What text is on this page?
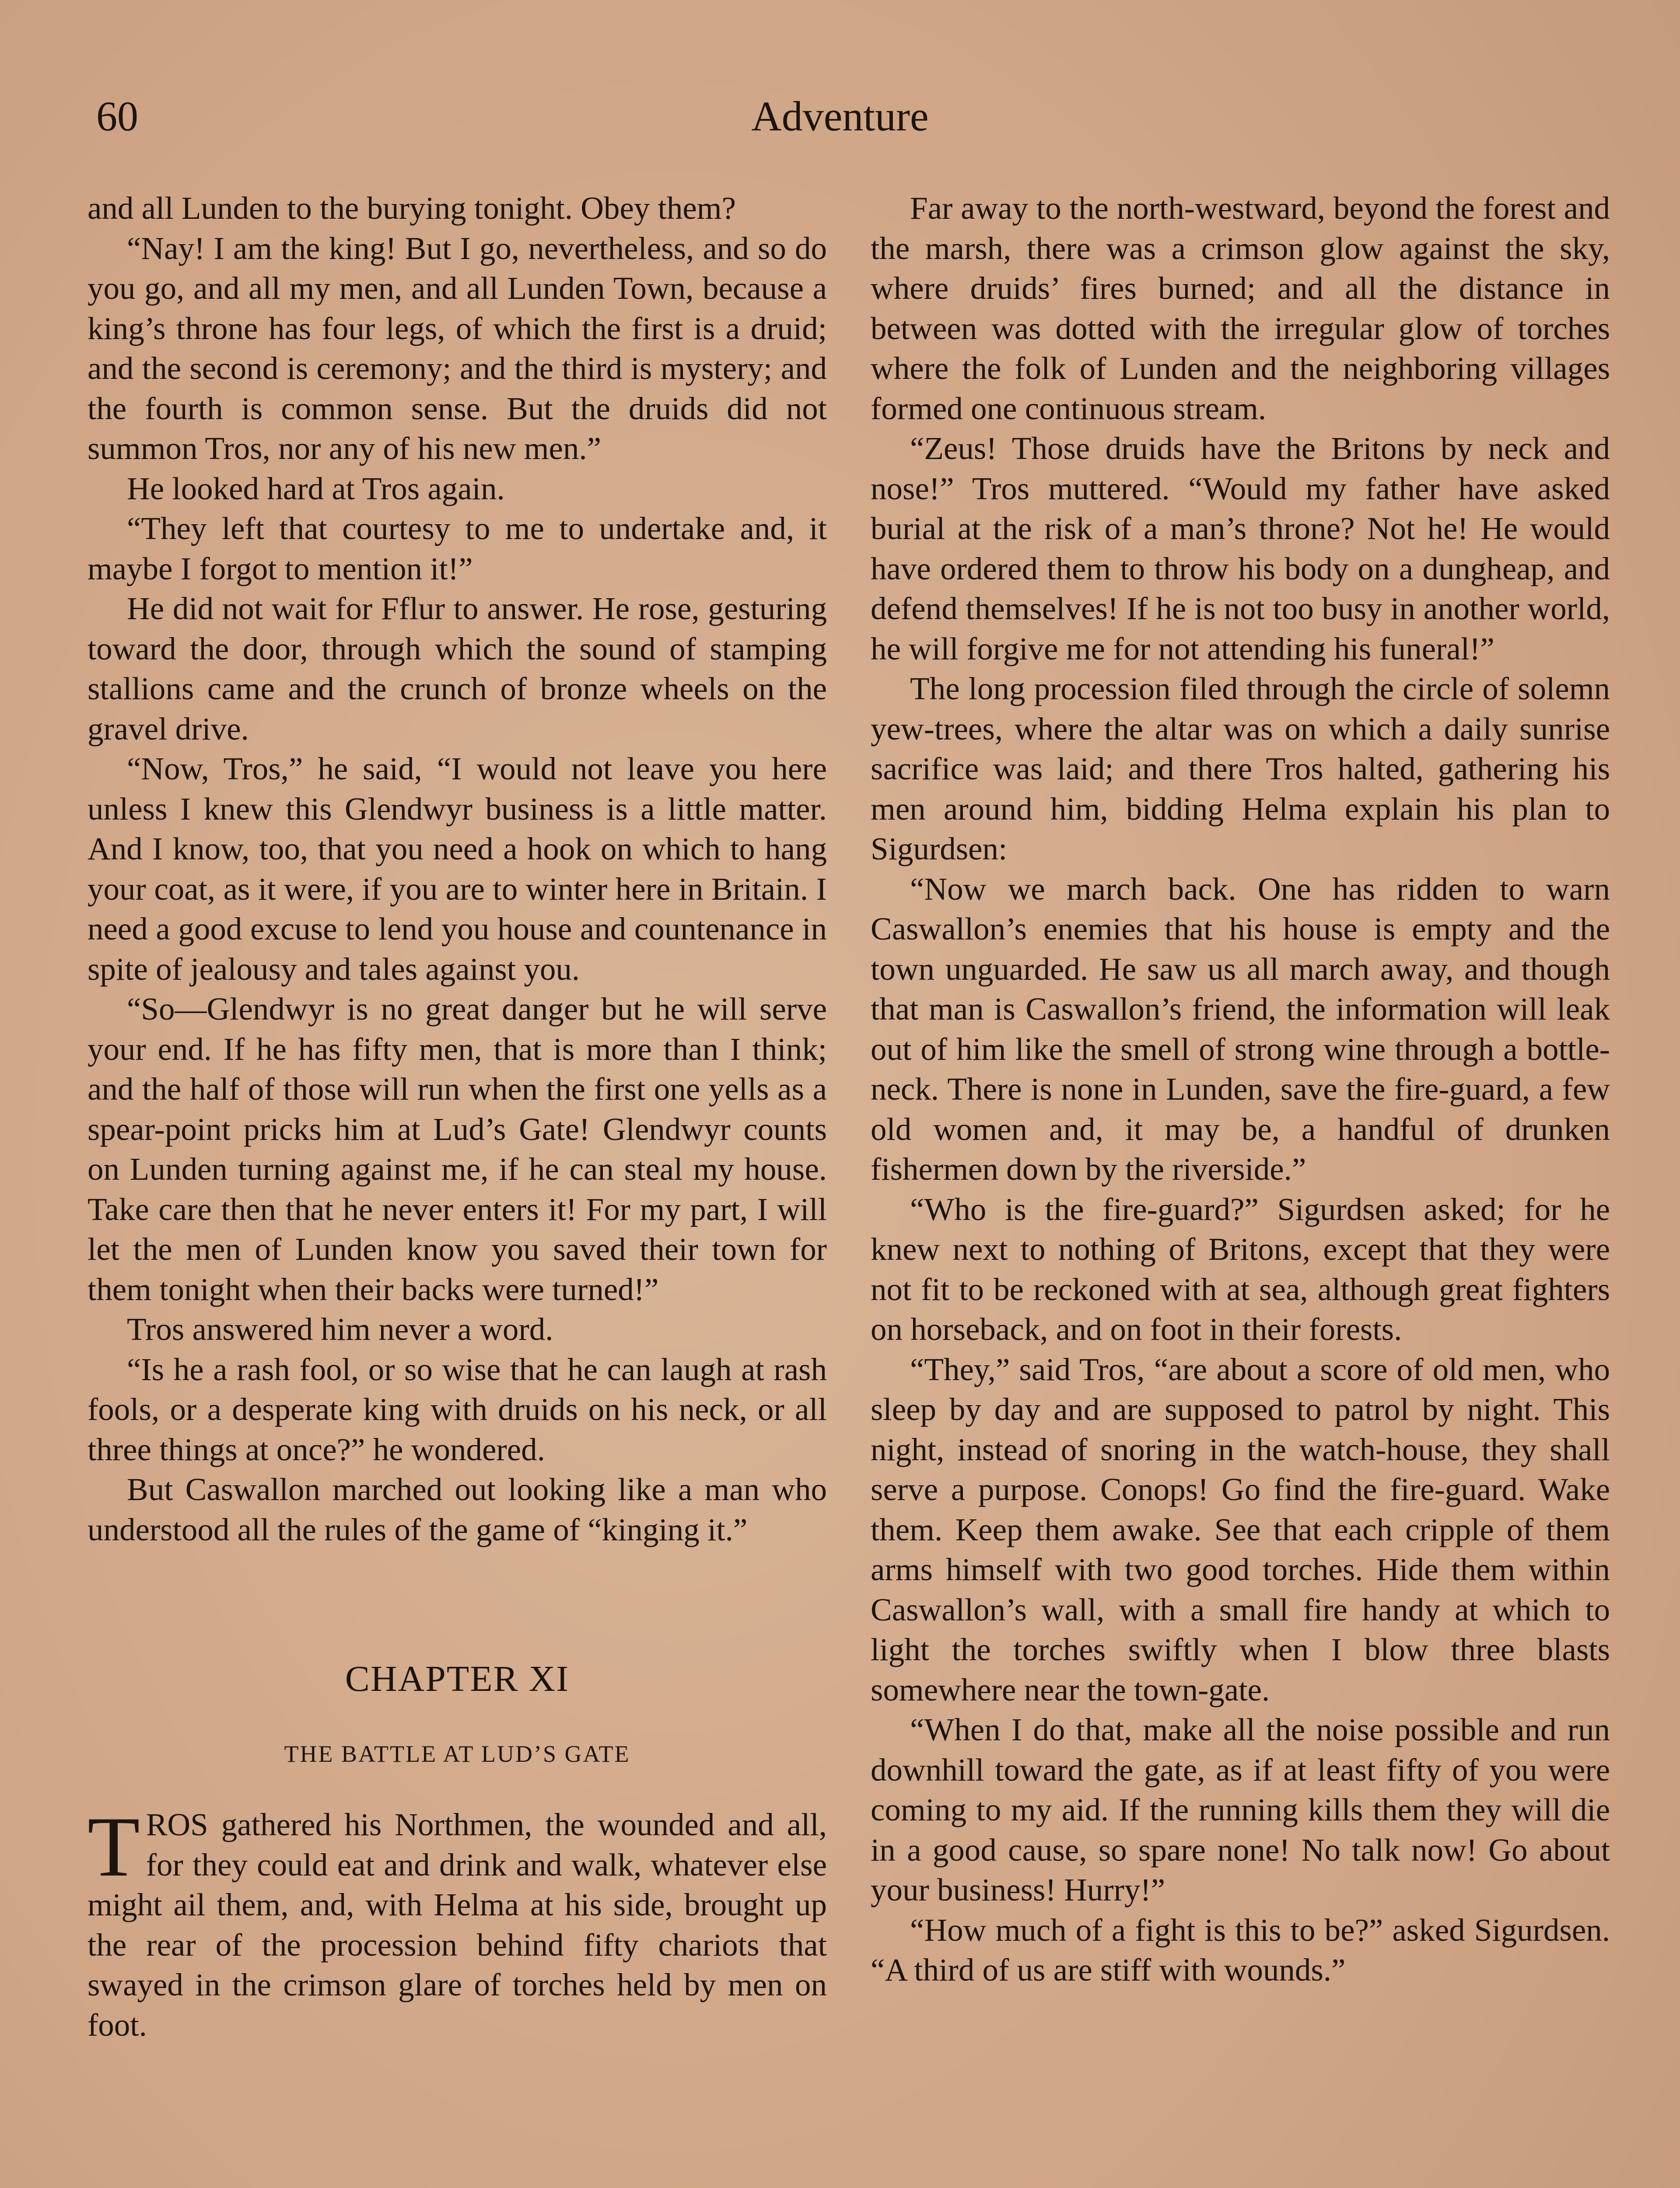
60	Adventure

and all Lunden to the burying tonight. Obey them?

“Nay! I am the king! But I go, nevertheless, and so do you go, and all my men, and all Lunden Town, because a king’s throne has four legs, of which the first is a druid; and the second is ceremony; and the third is mystery; and the fourth is common sense. But the druids did not summon Tros, nor any of his new men.”

He looked hard at Tros again.

“They left that courtesy to me to undertake and, it maybe I forgot to mention it!”

He did not wait for Fflur to answer. He rose, gesturing toward the door, through which the sound of stamping stallions came and the crunch of bronze wheels on the gravel drive.

“Now, Tros,” he said, “I would not leave you here unless I knew this Glendwyr business is a little matter. And I know, too, that you need a hook on which to hang your coat, as it were, if you are to winter here in Britain. I need a good excuse to lend you house and countenance in spite of jealousy and tales against you.

“So—Glendwyr is no great danger but he will serve your end. If he has fifty men, that is more than I think; and the half of those will run when the first one yells as a spear-point pricks him at Lud’s Gate! Glendwyr counts on Lunden turning against me, if he can steal my house. Take care then that he never enters it! For my part, I will let the men of Lunden know you saved their town for them tonight when their backs were turned!”

Tros answered him never a word.

“Is he a rash fool, or so wise that he can laugh at rash fools, or a desperate king with druids on his neck, or all three things at once?” he wondered.

But Caswallon marched out looking like a man who understood all the rules of the game of “kinging it.”

CHAPTER XI
THE BATTLE AT LUD’S GATE

TROS gathered his Northmen, the wounded and all, for they could eat and drink and walk, whatever else might ail them, and, with Helma at his side, brought up the rear of the procession behind fifty chariots that swayed in the crimson glare of torches held by men on foot.

Far away to the north-westward, beyond the forest and the marsh, there was a crimson glow against the sky, where druids’ fires burned; and all the distance in between was dotted with the irregular glow of torches where the folk of Lunden and the neighboring villages formed one continuous stream.

“Zeus! Those druids have the Britons by neck and nose!” Tros muttered. “Would my father have asked burial at the risk of a man’s throne? Not he! He would have ordered them to throw his body on a dungheap, and defend themselves! If he is not too busy in another world, he will forgive me for not attending his funeral!”

The long procession filed through the circle of solemn yew-trees, where the altar was on which a daily sunrise sacrifice was laid; and there Tros halted, gathering his men around him, bidding Helma explain his plan to Sigurdsen:

“Now we march back. One has ridden to warn Caswallon’s enemies that his house is empty and the town unguarded. He saw us all march away, and though that man is Caswallon’s friend, the information will leak out of him like the smell of strong wine through a bottle-neck. There is none in Lunden, save the fire-guard, a few old women and, it may be, a handful of drunken fishermen down by the riverside.”

“Who is the fire-guard?” Sigurdsen asked; for he knew next to nothing of Britons, except that they were not fit to be reckoned with at sea, although great fighters on horseback, and on foot in their forests.

“They,” said Tros, “are about a score of old men, who sleep by day and are supposed to patrol by night. This night, instead of snoring in the watch-house, they shall serve a purpose. Conops! Go find the fire-guard. Wake them. Keep them awake. See that each cripple of them arms himself with two good torches. Hide them within Caswallon’s wall, with a small fire handy at which to light the torches swiftly when I blow three blasts somewhere near the town-gate.

“When I do that, make all the noise possible and run downhill toward the gate, as if at least fifty of you were coming to my aid. If the running kills them they will die in a good cause, so spare none! No talk now! Go about your business! Hurry!”

“How much of a fight is this to be?” asked Sigurdsen. “A third of us are stiff with wounds.”
